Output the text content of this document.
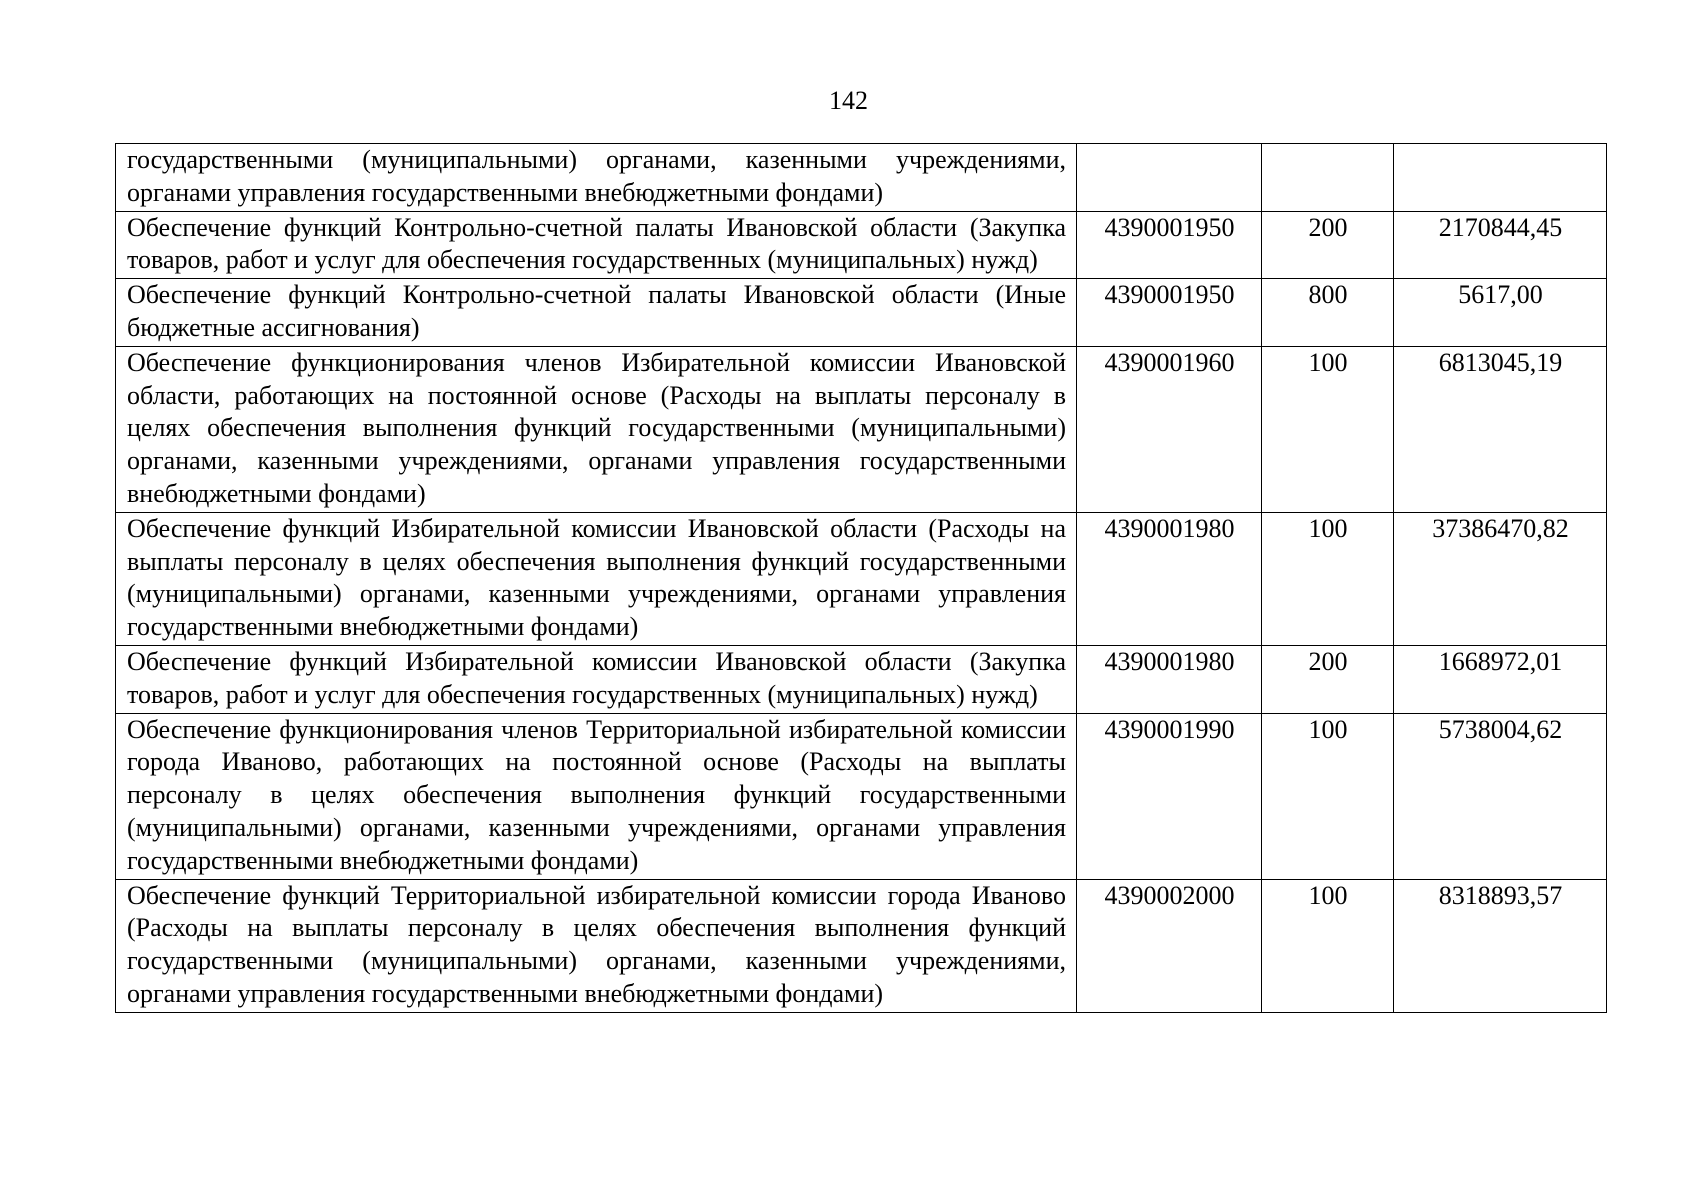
142
государственными (муниципальными) органами, казенными учреждениями, органами управления государственными внебюджетными фондами)			
Обеспечение функций Контрольно-счетной палаты Ивановской области (Закупка товаров, работ и услуг для обеспечения государственных (муниципальных) нужд)	4390001950	200	2170844,45
Обеспечение функций Контрольно-счетной палаты Ивановской области (Иные бюджетные ассигнования)	4390001950	800	5617,00
Обеспечение функционирования членов Избирательной комиссии Ивановской области, работающих на постоянной основе (Расходы на выплаты персоналу в целях обеспечения выполнения функций государственными (муниципальными) органами, казенными учреждениями, органами управления государственными внебюджетными фондами)	4390001960	100	6813045,19
Обеспечение функций Избирательной комиссии Ивановской области (Расходы на выплаты персоналу в целях обеспечения выполнения функций государственными (муниципальными) органами, казенными учреждениями, органами управления государственными внебюджетными фондами)	4390001980	100	37386470,82
Обеспечение функций Избирательной комиссии Ивановской области (Закупка товаров, работ и услуг для обеспечения государственных (муниципальных) нужд)	4390001980	200	1668972,01
Обеспечение функционирования членов Территориальной избирательной комиссии города Иваново, работающих на постоянной основе (Расходы на выплаты персоналу в целях обеспечения выполнения функций государственными (муниципальными) органами, казенными учреждениями, органами управления государственными внебюджетными фондами)	4390001990	100	5738004,62
Обеспечение функций Территориальной избирательной комиссии города Иваново (Расходы на выплаты персоналу в целях обеспечения выполнения функций государственными (муниципальными) органами, казенными учреждениями, органами управления государственными внебюджетными фондами)	4390002000	100	8318893,57
